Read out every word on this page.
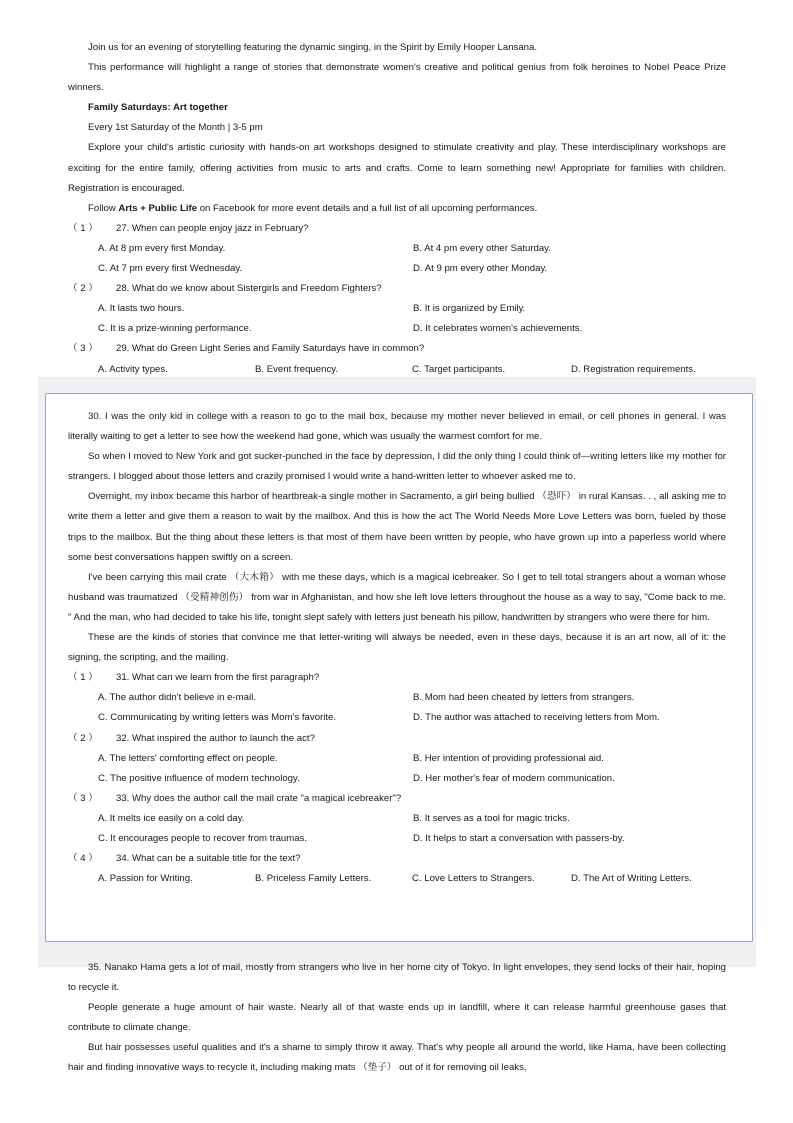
Join us for an evening of storytelling featuring the dynamic singing, in the Spirit by Emily Hooper Lansana.

This performance will highlight a range of stories that demonstrate women's creative and political genius from folk heroines to Nobel Peace Prize winners.

Family Saturdays: Art together

Every 1st Saturday of the Month | 3-5 pm

Explore your child's artistic curiosity with hands-on art workshops designed to stimulate creativity and play. These interdisciplinary workshops are exciting for the entire family, offering activities from music to arts and crafts. Come to learn something new! Appropriate for families with children. Registration is encouraged.

Follow Arts + Public Life on Facebook for more event details and a full list of all upcoming performances.

（ 1 ） 27. When can people enjoy jazz in February?

A. At 8 pm every first Monday.	B. At 4 pm every other Saturday.
C. At 7 pm every first Wednesday.	D. At 9 pm every other Monday.

（ 2 ） 28. What do we know about Sistergirls and Freedom Fighters?

A. It lasts two hours.	B. It is organized by Emily.
C. It is a prize-winning performance.	D. It celebrates women's achievements.

（ 3 ） 29. What do Green Light Series and Family Saturdays have in common?

A. Activity types.	B. Event frequency.	C. Target participants.	D. Registration requirements.

30. I was the only kid in college with a reason to go to the mail box, because my mother never believed in email, or cell phones in general. I was literally waiting to get a letter to see how the weekend had gone, which was usually the warmest comfort for me.

So when I moved to New York and got sucker-punched in the face by depression, I did the only thing I could think of—writing letters like my mother for strangers. I blogged about those letters and crazily promised I would write a hand-written letter to whoever asked me to.

Overnight, my inbox became this harbor of heartbreak-a single mother in Sacramento, a girl being bullied （恐吓） in rural Kansas. . , all asking me to write them a letter and give them a reason to wait by the mailbox. And this is how the act The World Needs More Love Letters was born, fueled by those trips to the mailbox. But the thing about these letters is that most of them have been written by people, who have grown up into a paperless world where some best conversations happen swiftly on a screen.

I've been carrying this mail crate （大木箱） with me these days, which is a magical icebreaker. So I get to tell total strangers about a woman whose husband was traumatized （受精神创伤） from war in Afghanistan, and how she left love letters throughout the house as a way to say, "Come back to me. " And the man, who had decided to take his life, tonight slept safely with letters just beneath his pillow, handwritten by strangers who were there for him.

These are the kinds of stories that convince me that letter-writing will always be needed, even in these days, because it is an art now, all of it: the signing, the scripting, and the mailing.

（ 1 ） 31. What can we learn from the first paragraph?

A. The author didn't believe in e-mail.	B. Mom had been cheated by letters from strangers.
C. Communicating by writing letters was Mom's favorite.	D. The author was attached to receiving letters from Mom.

（ 2 ） 32. What inspired the author to launch the act?

A. The letters' comforting effect on people.	B. Her intention of providing professional aid.
C. The positive influence of modern technology.	D. Her mother's fear of modern communication.

（ 3 ） 33. Why does the author call the mail crate "a magical icebreaker"?

A. It melts ice easily on a cold day.	B. It serves as a tool for magic tricks.
C. It encourages people to recover from traumas.	D. It helps to start a conversation with passers-by.

（ 4 ） 34. What can be a suitable title for the text?

A. Passion for Writing.	B. Priceless Family Letters.	C. Love Letters to Strangers.	D. The Art of Writing Letters.

35. Nanako Hama gets a lot of mail, mostly from strangers who live in her home city of Tokyo. In light envelopes, they send locks of their hair, hoping to recycle it.

People generate a huge amount of hair waste. Nearly all of that waste ends up in landfill, where it can release harmful greenhouse gases that contribute to climate change.

But hair possesses useful qualities and it's a shame to simply throw it away. That's why people all around the world, like Hama, have been collecting hair and finding innovative ways to recycle it, including making mats （垫子） out of it for removing oil leaks,
